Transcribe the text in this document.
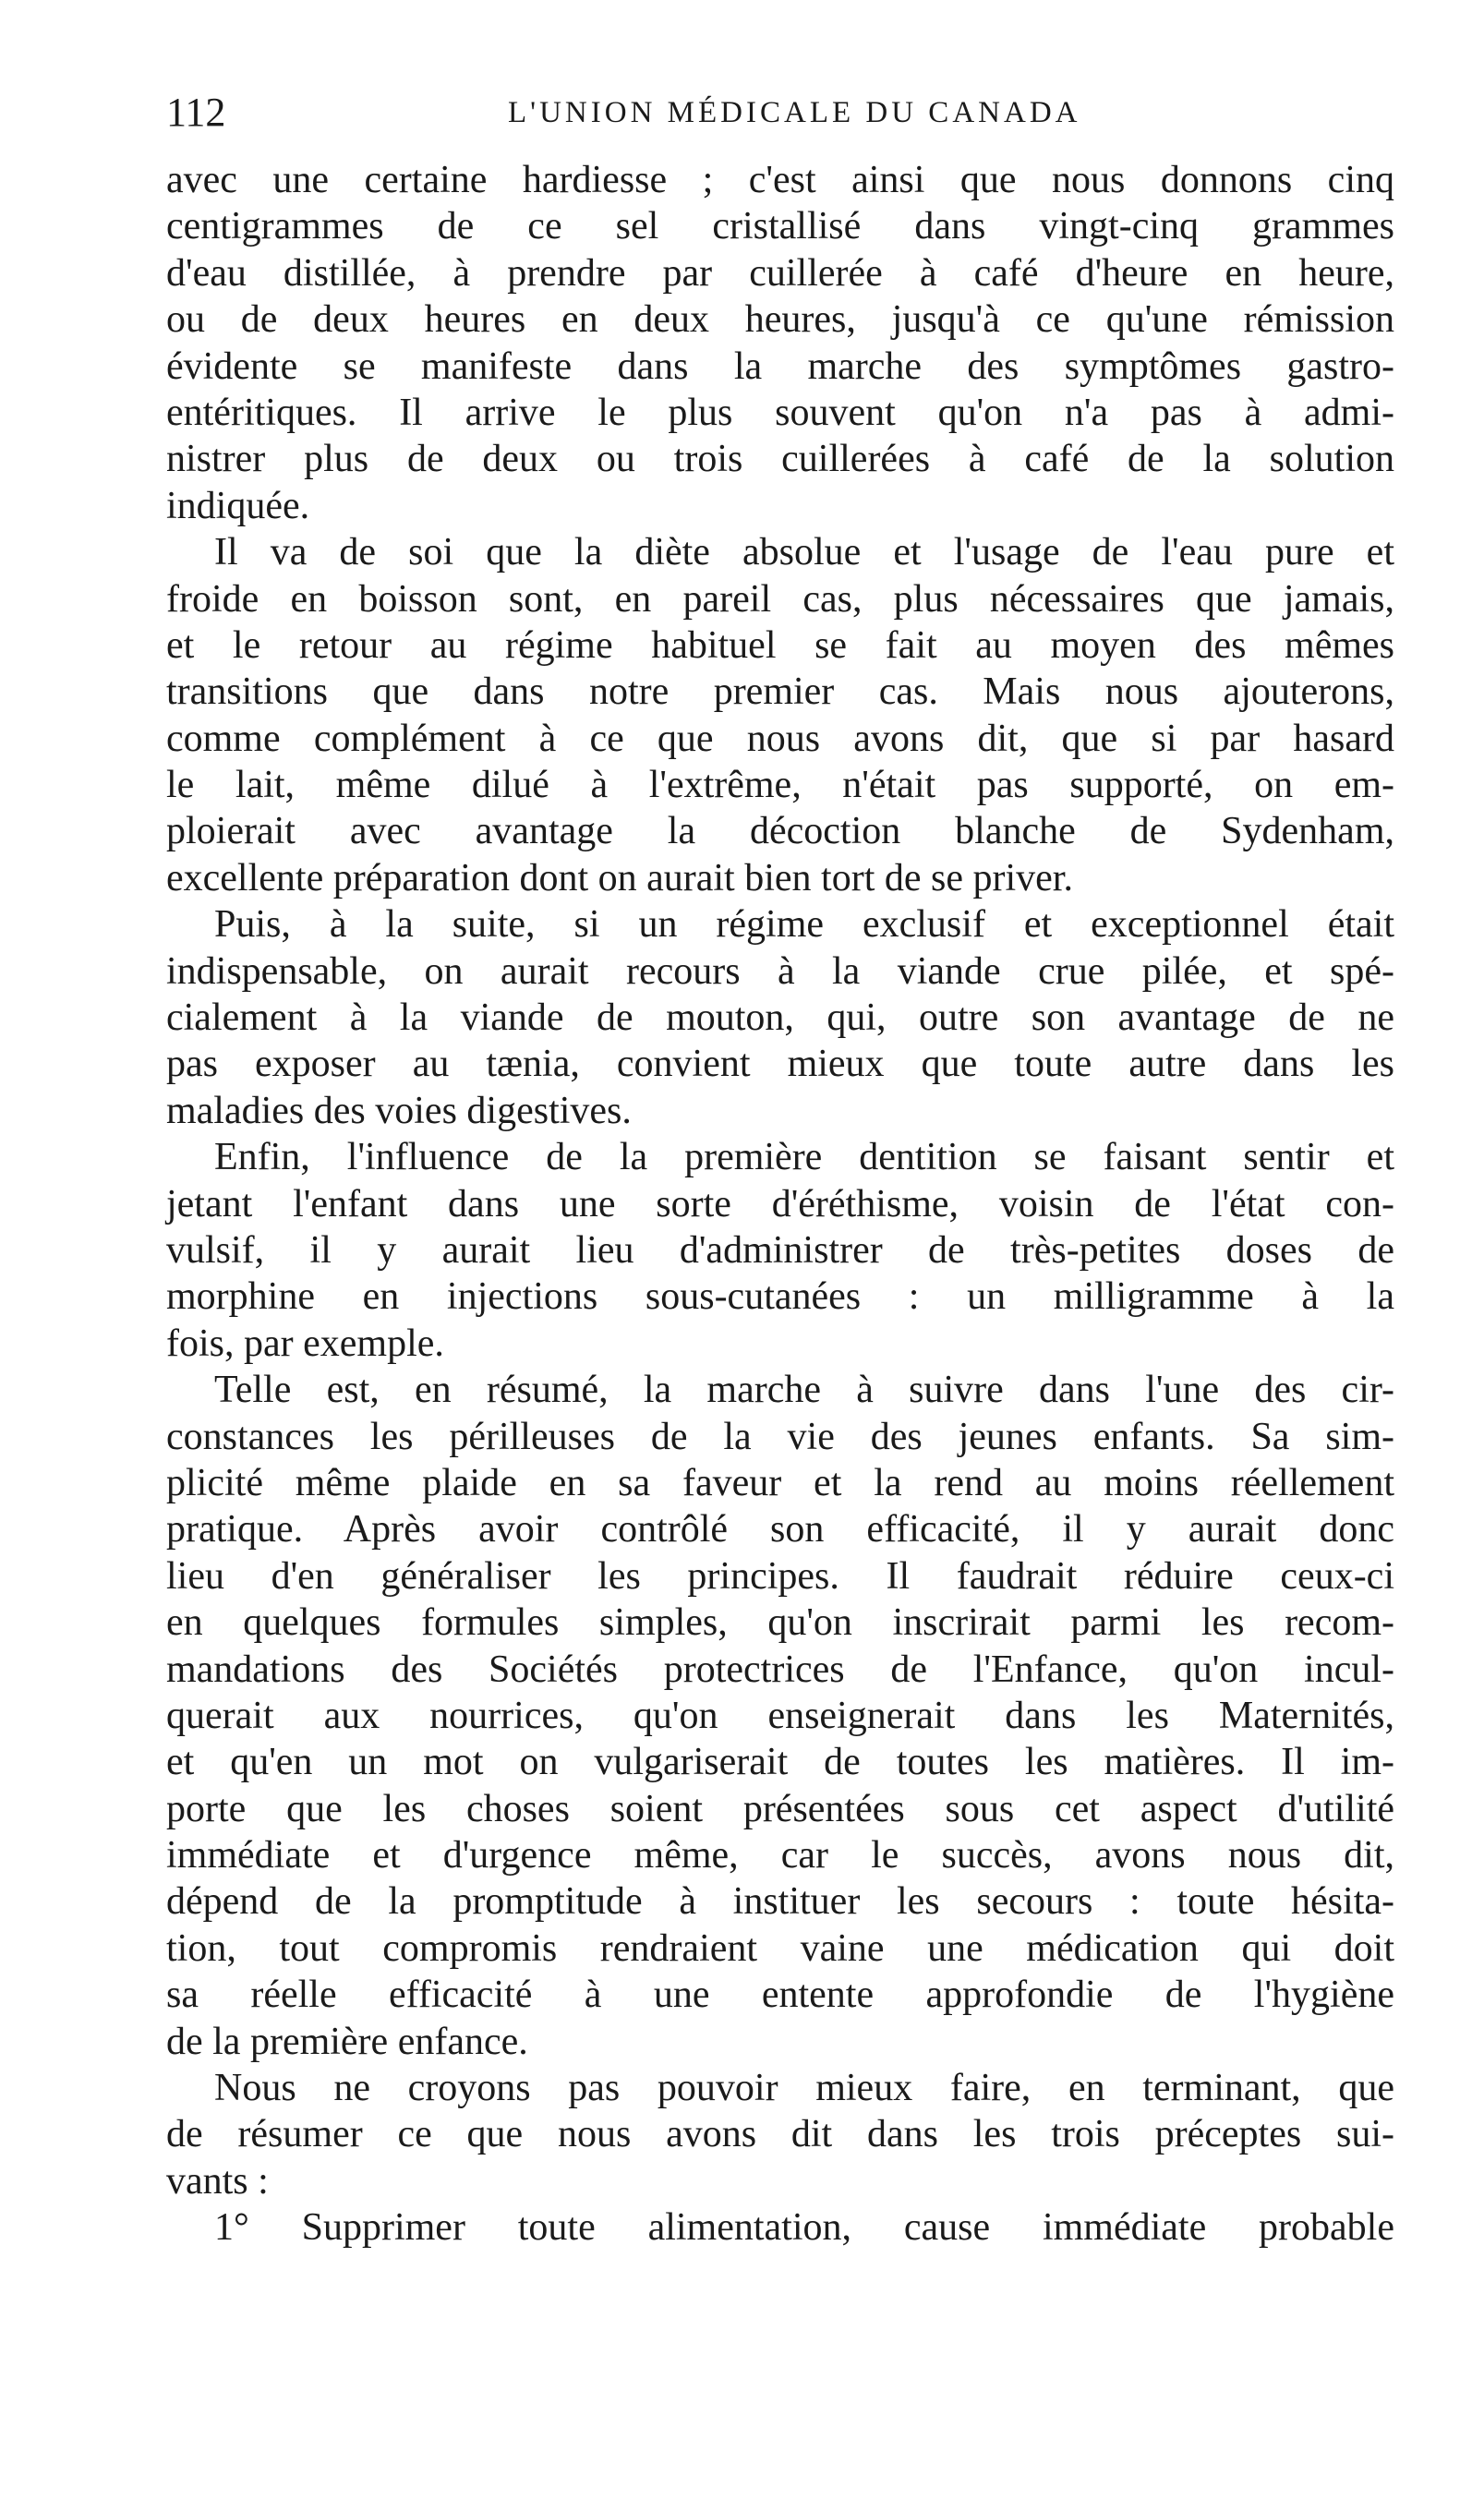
112	L'UNION MÉDICALE DU CANADA
avec une certaine hardiesse ; c'est ainsi que nous donnons cinq
centigrammes de ce sel cristallisé dans vingt-cinq grammes
d'eau distillée, à prendre par cuillerée à café d'heure en heure,
ou de deux heures en deux heures, jusqu'à ce qu'une rémission
évidente se manifeste dans la marche des symptômes gastro-
entéritiques. Il arrive le plus souvent qu'on n'a pas à admi-
nistrer plus de deux ou trois cuillerées à café de la solution
indiquée.
Il va de soi que la diète absolue et l'usage de l'eau pure et
froide en boisson sont, en pareil cas, plus nécessaires que jamais,
et le retour au régime habituel se fait au moyen des mêmes
transitions que dans notre premier cas. Mais nous ajouterons,
comme complément à ce que nous avons dit, que si par hasard
le lait, même dilué à l'extrême, n'était pas supporté, on em-
ploierait avec avantage la décoction blanche de Sydenham,
excellente préparation dont on aurait bien tort de se priver.
Puis, à la suite, si un régime exclusif et exceptionnel était
indispensable, on aurait recours à la viande crue pilée, et spé-
cialement à la viande de mouton, qui, outre son avantage de ne
pas exposer au tænia, convient mieux que toute autre dans les
maladies des voies digestives.
Enfin, l'influence de la première dentition se faisant sentir et
jetant l'enfant dans une sorte d'éréthisme, voisin de l'état con-
vulsif, il y aurait lieu d'administrer de très-petites doses de
morphine en injections sous-cutanées : un milligramme à la
fois, par exemple.
Telle est, en résumé, la marche à suivre dans l'une des cir-
constances les périlleuses de la vie des jeunes enfants. Sa sim-
plicité même plaide en sa faveur et la rend au moins réellement
pratique. Après avoir contrôlé son efficacité, il y aurait donc
lieu d'en généraliser les principes. Il faudrait réduire ceux-ci
en quelques formules simples, qu'on inscrirait parmi les recom-
mandations des Sociétés protectrices de l'Enfance, qu'on incul-
querait aux nourrices, qu'on enseignerait dans les Maternités,
et qu'en un mot on vulgariserait de toutes les matières. Il im-
porte que les choses soient présentées sous cet aspect d'utilité
immédiate et d'urgence même, car le succès, avons nous dit,
dépend de la promptitude à instituer les secours : toute hésita-
tion, tout compromis rendraient vaine une médication qui doit
sa réelle efficacité à une entente approfondie de l'hygiène
de la première enfance.
Nous ne croyons pas pouvoir mieux faire, en terminant, que
de résumer ce que nous avons dit dans les trois préceptes sui-
vants :
1° Supprimer toute alimentation, cause immédiate probable
